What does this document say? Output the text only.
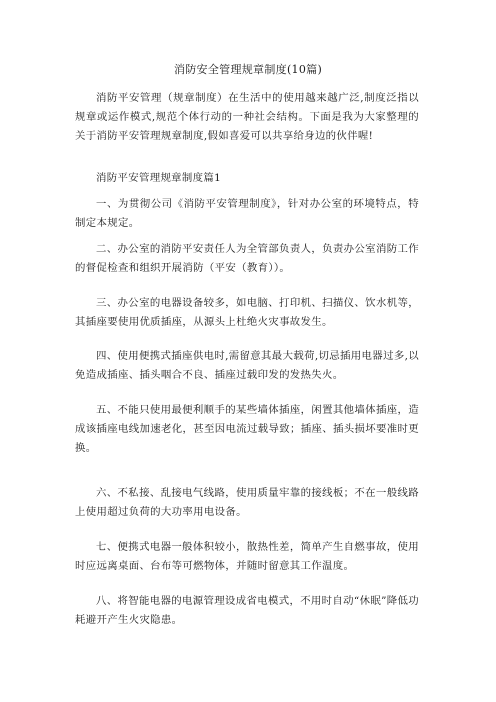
消防安全管理规章制度(10篇)

消防平安管理（规章制度）在生活中的使用越来越广泛,制度泛指以规章或运作模式,规范个体行动的一种社会结构。下面是我为大家整理的关于消防平安管理规章制度,假如喜爱可以共享给身边的伙伴喔!

消防平安管理规章制度篇1

一、为贯彻公司《消防平安管理制度》，针对办公室的环境特点，特制定本规定。

二、办公室的消防平安责任人为全管部负责人，负责办公室消防工作的督促检查和组织开展消防（平安（教育））。

三、办公室的电器设备较多，如电脑、打印机、扫描仪、饮水机等，其插座要使用优质插座，从源头上杜绝火灾事故发生。

四、使用便携式插座供电时,需留意其最大载荷,切忌插用电器过多,以免造成插座、插头咽合不良、插座过载印发的发热失火。

五、不能只使用最便利顺手的某些墙体插座，闲置其他墙体插座，造成该插座电线加速老化，甚至因电流过载导致；插座、插头损坏要准时更换。

六、不私接、乱接电气线路，使用质量牢靠的接线板；不在一般线路上使用超过负荷的大功率用电设备。

七、便携式电器一般体积较小，散热性差，简单产生自燃事故，使用时应远离桌面、台布等可燃物体，并随时留意其工作温度。

八、将智能电器的电源管理设成省电模式，不用时自动“休眠”降低功耗避开产生火灾隐患。
